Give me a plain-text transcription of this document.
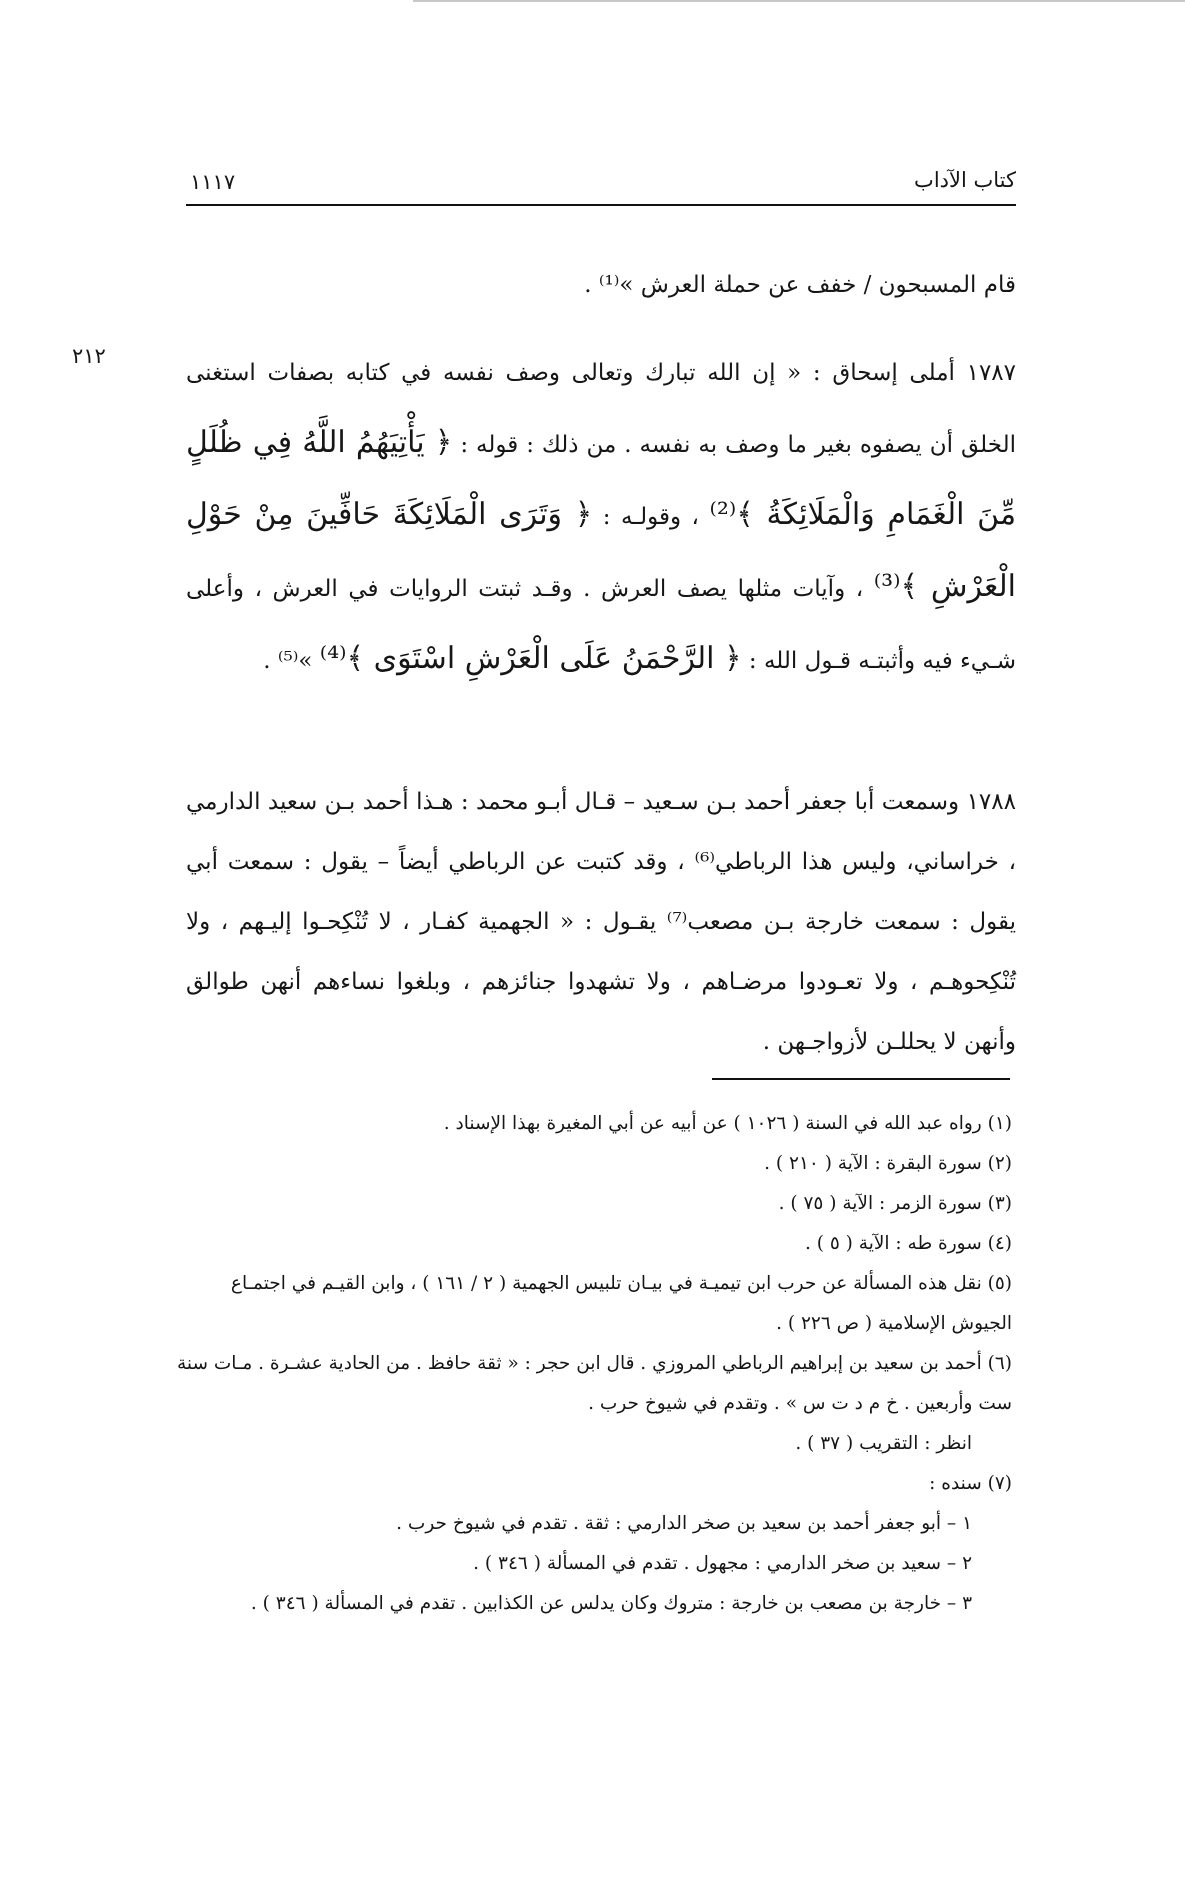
كتاب الآداب
١١١٧
قام المسبحون / خفف عن حملة العرش »⁽¹⁾ .
٢١٢
١٧٨٧ أملى إسحاق : « إن الله تبارك وتعالى وصف نفسه في كتابه بصفات استغنى الخلق أن يصفوه بغير ما وصف به نفسه . من ذلك : قوله : ﴿ يَأْتِيَهُمُ اللَّهُ فِي ظُلَلٍ مِّنَ الْغَمَامِ وَالْمَلَائِكَةُ ﴾⁽²⁾ ، وقولـه : ﴿ وَتَرَى الْمَلَائِكَةَ حَافِّينَ مِنْ حَوْلِ الْعَرْشِ ﴾⁽³⁾ ، وآيات مثلها يصف العرش . وقـد ثبتت الروايات في العرش ، وأعلى شـيء فيه وأثبتـه قـول الله : ﴿ الرَّحْمَنُ عَلَى الْعَرْشِ اسْتَوَى ﴾⁽⁴⁾ »⁽⁵⁾ .
١٧٨٨ وسمعت أبا جعفر أحمد بـن سـعيد – قـال أبـو محمد : هـذا أحمد بـن سعيد الدارمي ، خراساني، وليس هذا الرباطي⁽⁶⁾ ، وقد كتبت عن الرباطي أيضاً – يقول : سمعت أبي يقول : سمعت خارجة بـن مصعب⁽⁷⁾ يقـول : « الجهمية كفـار ، لا تُنْكِحـوا إليـهم ، ولا تُنْكِحوهـم ، ولا تعـودوا مرضـاهم ، ولا تشهدوا جنائزهم ، وبلغوا نساءهم أنهن طوالق وأنهن لا يحللـن لأزواجـهن .

(١) رواه عبد الله في السنة ( ١٠٢٦ ) عن أبيه عن أبي المغيرة بهذا الإسناد .

(٢) سورة البقرة : الآية ( ٢١٠ ) .

(٣) سورة الزمر : الآية ( ٧٥ ) .

(٤) سورة طه : الآية ( ٥ ) .

(٥) نقل هذه المسألة عن حرب ابن تيميـة في بيـان تلبيس الجهمية ( ٢ / ١٦١ ) ، وابن القيـم في اجتمـاع الجيوش الإسلامية ( ص ٢٢٦ ) .

(٦) أحمد بن سعيد بن إبراهيم الرباطي المروزي . قال ابن حجر : « ثقة حافظ . من الحادية عشـرة . مـات سنة ست وأربعين . خ م د ت س » . وتقدم في شيوخ حرب .

انظر : التقريب ( ٣٧ ) .

(٧) سنده :

١ – أبو جعفر أحمد بن سعيد بن صخر الدارمي : ثقة . تقدم في شيوخ حرب .

٢ – سعيد بن صخر الدارمي : مجهول . تقدم في المسألة ( ٣٤٦ ) .

٣ – خارجة بن مصعب بن خارجة : متروك وكان يدلس عن الكذابين . تقدم في المسألة ( ٣٤٦ ) .
